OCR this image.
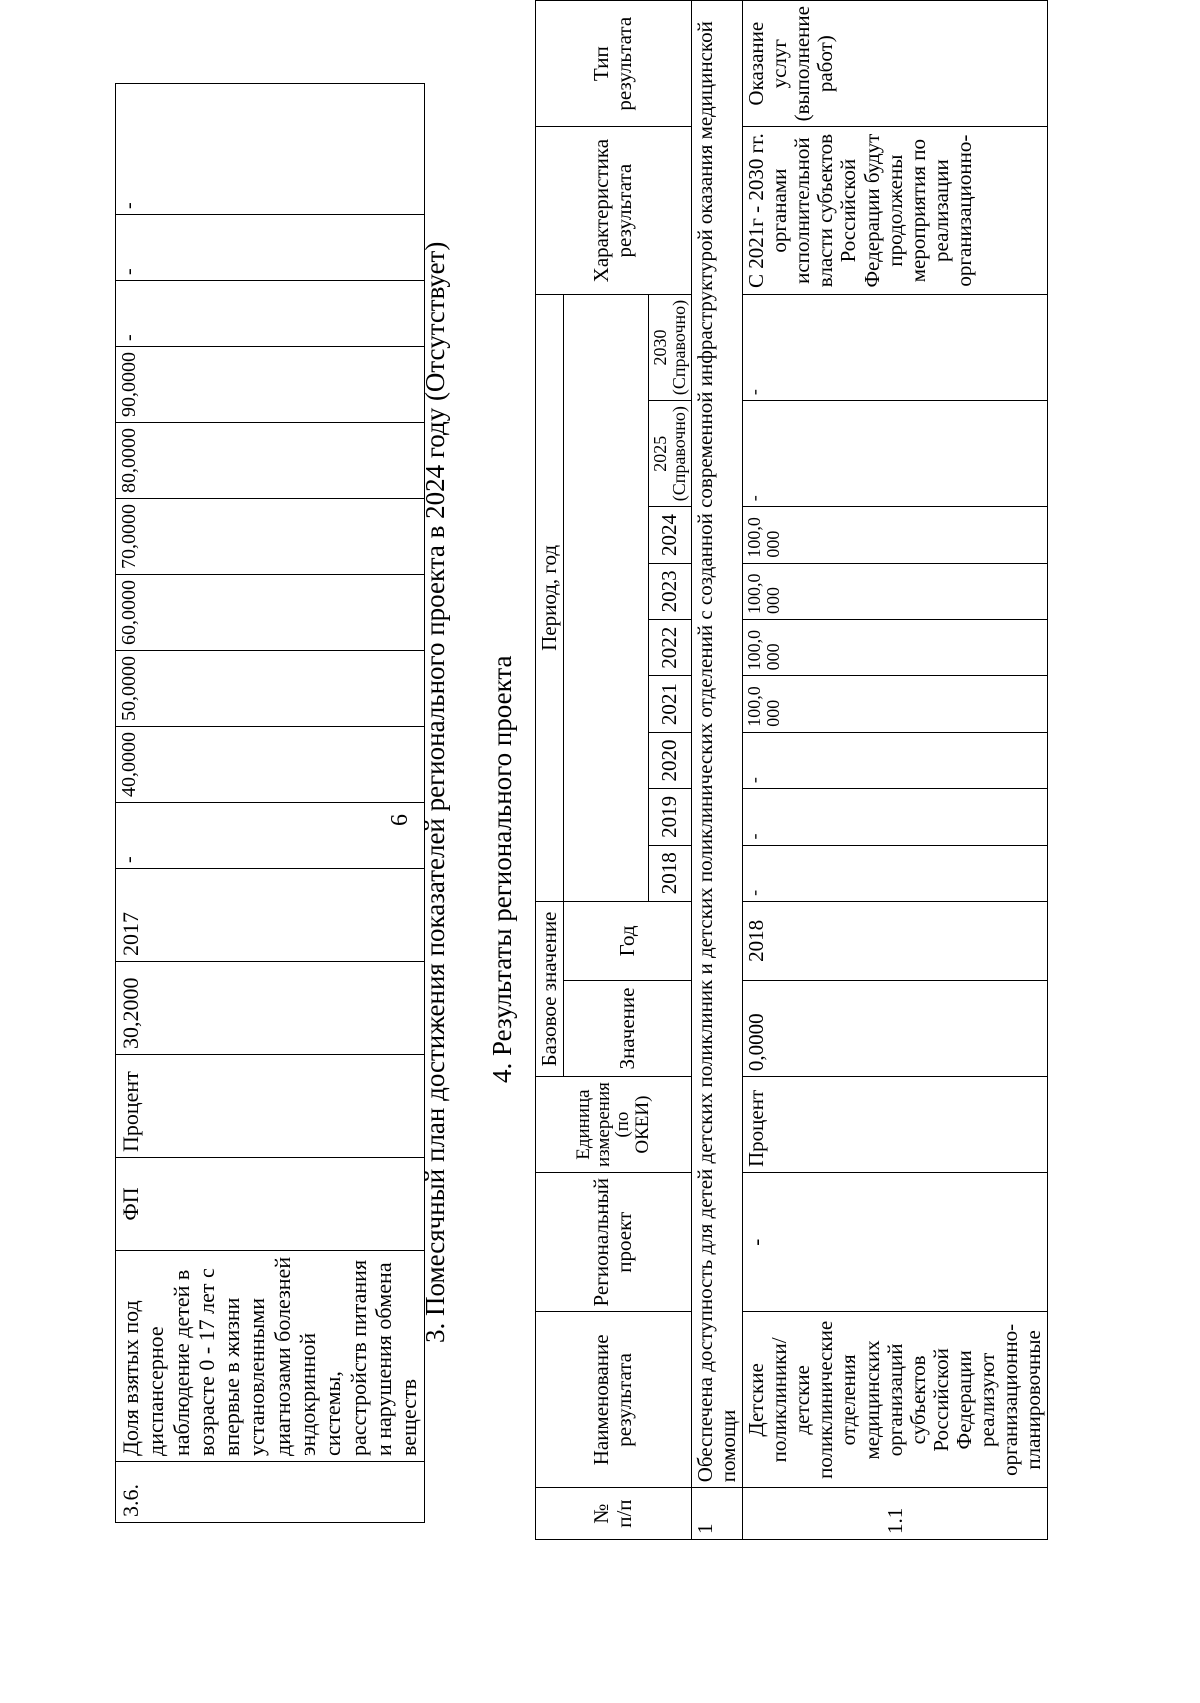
3.6.	Доля взятых под диспансерное наблюдение детей в возрасте 0 - 17 лет с впервые в жизни установленными диагнозами болезней эндокринной системы, расстройств питания и нарушения обмена веществ	ФП	Процент	30,2000	2017	-	40,0000	50,0000	60,0000	70,0000	80,0000	90,0000	-	-	-
6 3. Помесячный план достижения показателей регионального проекта в 2024 году (Отсутствует) 4. Результаты регионального проекта
№ п/п	Наименование результата	Региональный проект	Единица измерения (по ОКЕИ)	Базовое значение		Период, год									Характеристика результата	Тип результата
				Значение	Год											
						2018	2019	2020	2021	2022	2023	2024	2025 (Справочно)	2030 (Справочно)		
1	Обеспечена доступность для детей детских поликлиник и детских поликлинических отделений с созданной современной инфраструктурой оказания медицинской помощи															
1.1	Детские поликлиники/детские поликлинические отделения медицинских организаций субъектов Российской Федерации реализуют организационно-планировочные	-	Процент	0,0000	2018	-	-	-	100,0000	100,0000	100,0000	100,0000	-	-	С 2021г - 2030 гг. органами исполнительной власти субъектов Российской Федерации будут продолжены мероприятия по реализации организационно-	Оказание услуг (выполнение работ)
